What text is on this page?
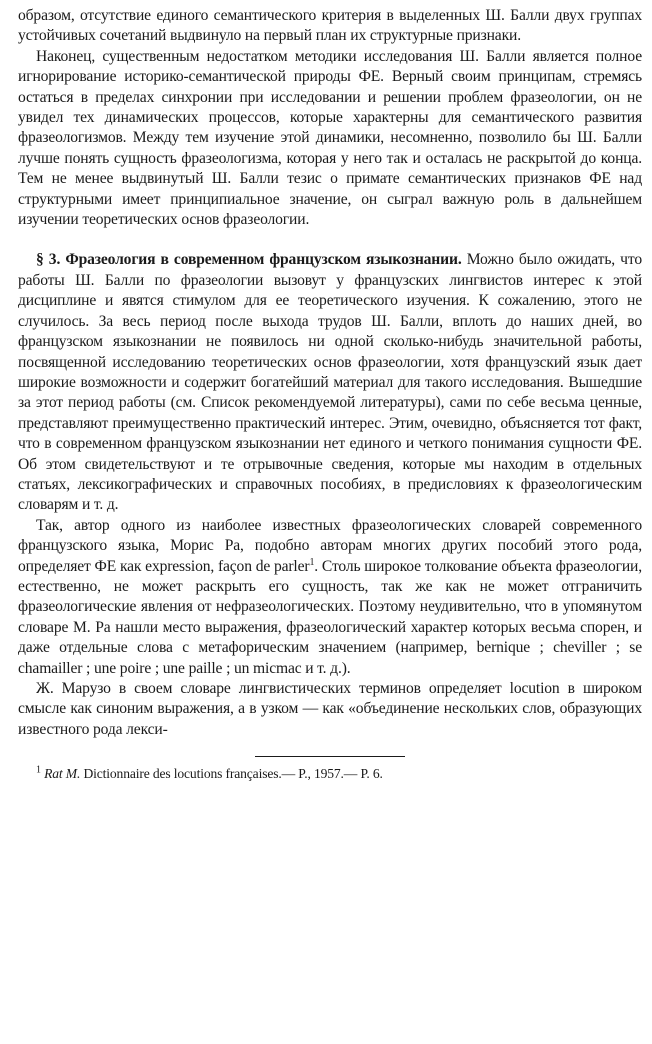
образом, отсутствие единого семантического критерия в выделенных Ш. Балли двух группах устойчивых сочетаний выдвинуло на первый план их структурные признаки.

Наконец, существенным недостатком методики исследования Ш. Балли является полное игнорирование историко-семантической природы ФЕ. Верный своим принципам, стремясь остаться в пределах синхронии при исследовании и решении проблем фразеологии, он не увидел тех динамических процессов, которые характерны для семантического развития фразеологизмов. Между тем изучение этой динамики, несомненно, позволило бы Ш. Балли лучше понять сущность фразеологизма, которая у него так и осталась не раскрытой до конца. Тем не менее выдвинутый Ш. Балли тезис о примате семантических признаков ФЕ над структурными имеет принципиальное значение, он сыграл важную роль в дальнейшем изучении теоретических основ фразеологии.

§ 3. Фразеология в современном французском языкознании. Можно было ожидать, что работы Ш. Балли по фразеологии вызовут у французских лингвистов интерес к этой дисциплине и явятся стимулом для ее теоретического изучения. К сожалению, этого не случилось. За весь период после выхода трудов Ш. Балли, вплоть до наших дней, во французском языкознании не появилось ни одной сколько-нибудь значительной работы, посвященной исследованию теоретических основ фразеологии, хотя французский язык дает широкие возможности и содержит богатейший материал для такого исследования. Вышедшие за этот период работы (см. Список рекомендуемой литературы), сами по себе весьма ценные, представляют преимущественно практический интерес. Этим, очевидно, объясняется тот факт, что в современном французском языкознании нет единого и четкого понимания сущности ФЕ. Об этом свидетельствуют и те отрывочные сведения, которые мы находим в отдельных статьях, лексикографических и справочных пособиях, в предисловиях к фразеологическим словарям и т. д.

Так, автор одного из наиболее известных фразеологических словарей современного французского языка, Морис Ра, подобно авторам многих других пособий этого рода, определяет ФЕ как expression, façon de parler$^1$. Столь широкое толкование объекта фразеологии, естественно, не может раскрыть его сущность, так же как не может отграничить фразеологические явления от нефразеологических. Поэтому неудивительно, что в упомянутом словаре М. Ра нашли место выражения, фразеологический характер которых весьма спорен, и даже отдельные слова с метафорическим значением (например, bernique ; cheviller ; se chamailler ; une poire ; une paille ; un micmac и т. д.).

Ж. Марузо в своем словаре лингвистических терминов определяет locution в широком смысле как синоним выражения, а в узком — как «объединение нескольких слов, образующих известного рода лекси-

$^1$ Rat M. Dictionnaire des locutions françaises.— P., 1957.— P. 6.
